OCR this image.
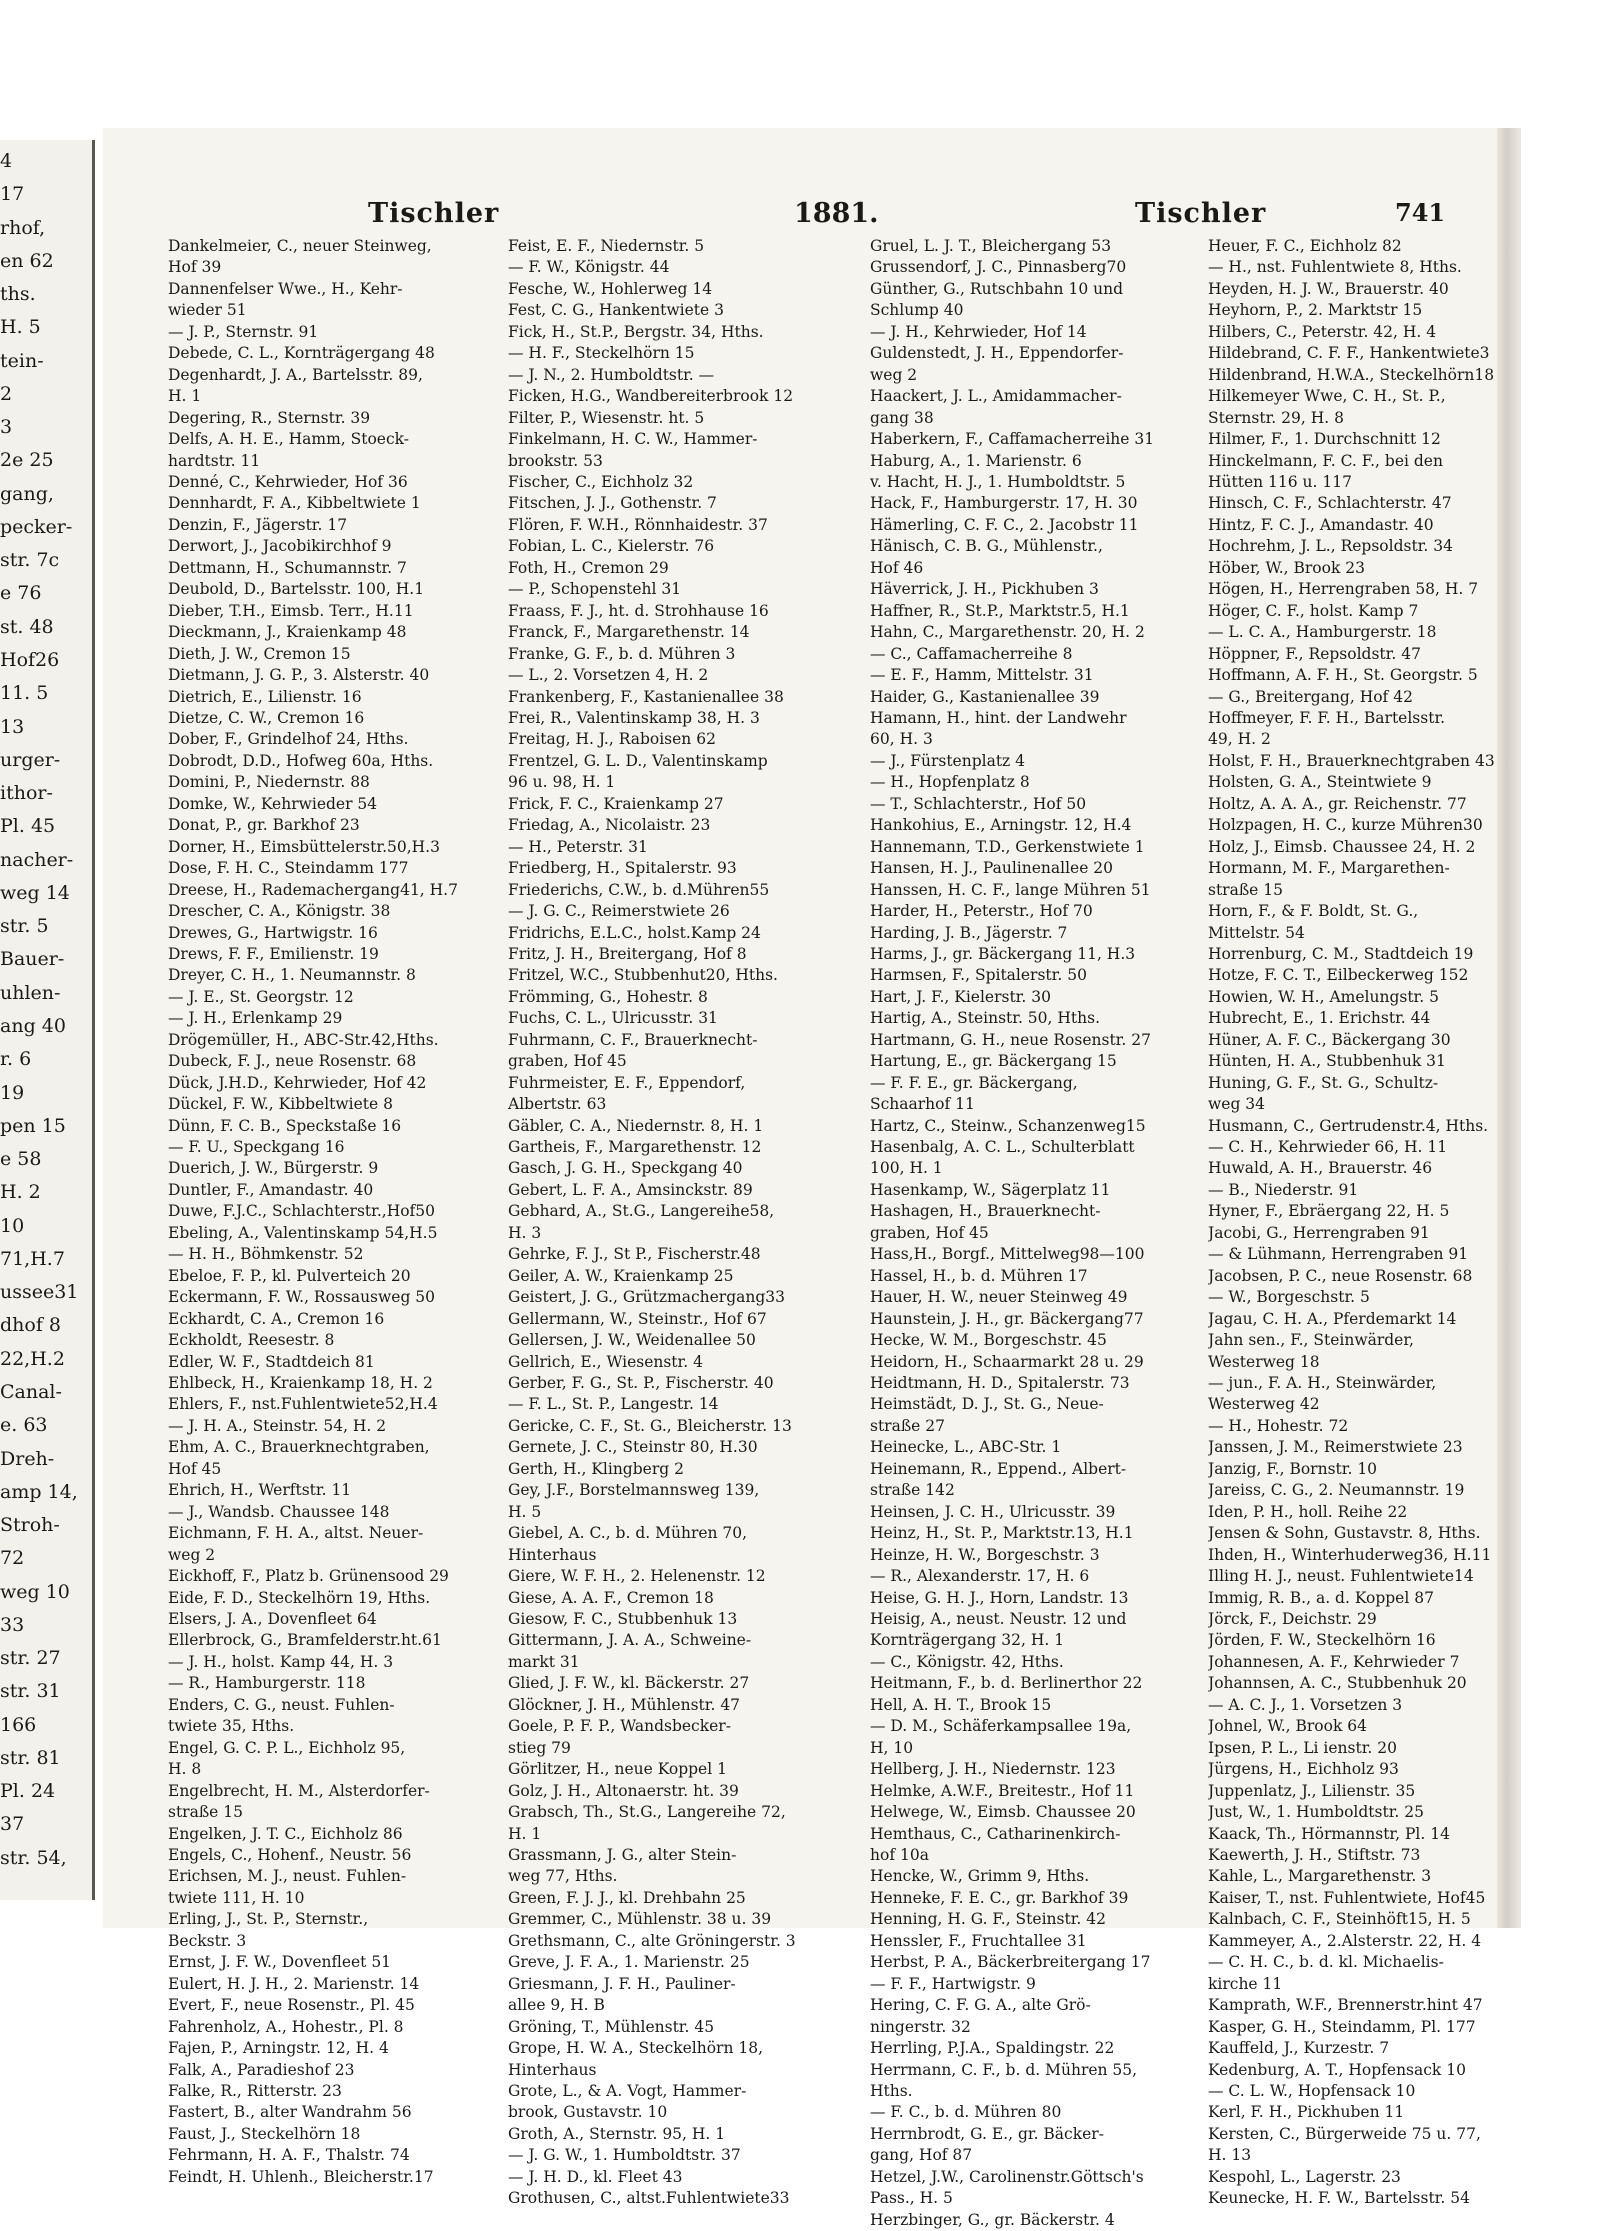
4
17
rhof,
en 62
ths.
H. 5
tein-
2
3
2e 25
gang,
pecker-
str. 7c
e 76
st. 48
Hof26
11. 5
13
urger-
ithor-
Pl. 45
nacher-
weg 14
str. 5
Bauer-
uhlen-
ang 40
r. 6
19
pen 15
e 58
H. 2
10
71,H.7
ussee31
dhof 8
22,H.2
Canal-
e. 63
Dreh-
amp 14,
Stroh-
72
weg 10
33
str. 27
str. 31
166
str. 81
Pl. 24
37
str. 54,
Tischler	1881.	Tischler	741
Dankelmeier, C., neuer Steinweg,
Hof 39
Dannenfelser Wwe., H., Kehr-
wieder 51
— J. P., Sternstr. 91
Debede, C. L., Kornträgergang 48
Degenhardt, J. A., Bartelsstr. 89,
H. 1
Degering, R., Sternstr. 39
Delfs, A. H. E., Hamm, Stoeck-
hardtstr. 11
Denné, C., Kehrwieder, Hof 36
Dennhardt, F. A., Kibbeltwiete 1
Denzin, F., Jägerstr. 17
Derwort, J., Jacobikirchhof 9
Dettmann, H., Schumannstr. 7
Deubold, D., Bartelsstr. 100, H.1
Dieber, T.H., Eimsb. Terr., H.11
Dieckmann, J., Kraienkamp 48
Dieth, J. W., Cremon 15
Dietmann, J. G. P., 3. Alsterstr. 40
Dietrich, E., Lilienstr. 16
Dietze, C. W., Cremon 16
Dober, F., Grindelhof 24, Hths.
Dobrodt, D.D., Hofweg 60a, Hths.
Domini, P., Niedernstr. 88
Domke, W., Kehrwieder 54
Donat, P., gr. Barkhof 23
Dorner, H., Eimsbüttelerstr.50,H.3
Dose, F. H. C., Steindamm 177
Dreese, H., Rademachergang41, H.7
Drescher, C. A., Königstr. 38
Drewes, G., Hartwigstr. 16
Drews, F. F., Emilienstr. 19
Dreyer, C. H., 1. Neumannstr. 8
— J. E., St. Georgstr. 12
— J. H., Erlenkamp 29
Drögemüller, H., ABC-Str.42,Hths.
Dubeck, F. J., neue Rosenstr. 68
Dück, J.H.D., Kehrwieder, Hof 42
Dückel, F. W., Kibbeltwiete 8
Dünn, F. C. B., Speckstaße 16
— F. U., Speckgang 16
Duerich, J. W., Bürgerstr. 9
Duntler, F., Amandastr. 40
Duwe, F.J.C., Schlachterstr.,Hof50
Ebeling, A., Valentinskamp 54,H.5
— H. H., Böhmkenstr. 52
Ebeloe, F. P., kl. Pulverteich 20
Eckermann, F. W., Rossausweg 50
Eckhardt, C. A., Cremon 16
Eckholdt, Reesestr. 8
Edler, W. F., Stadtdeich 81
Ehlbeck, H., Kraienkamp 18, H. 2
Ehlers, F., nst.Fuhlentwiete52,H.4
— J. H. A., Steinstr. 54, H. 2
Ehm, A. C., Brauerknechtgraben,
Hof 45
Ehrich, H., Werftstr. 11
— J., Wandsb. Chaussee 148
Eichmann, F. H. A., altst. Neuer-
weg 2
Eickhoff, F., Platz b. Grünensood 29
Eide, F. D., Steckelhörn 19, Hths.
Elsers, J. A., Dovenfleet 64
Ellerbrock, G., Bramfelderstr.ht.61
— J. H., holst. Kamp 44, H. 3
— R., Hamburgerstr. 118
Enders, C. G., neust. Fuhlen-
twiete 35, Hths.
Engel, G. C. P. L., Eichholz 95,
H. 8
Engelbrecht, H. M., Alsterdorfer-
straße 15
Engelken, J. T. C., Eichholz 86
Engels, C., Hohenf., Neustr. 56
Erichsen, M. J., neust. Fuhlen-
twiete 111, H. 10
Erling, J., St. P., Sternstr.,
Beckstr. 3
Ernst, J. F. W., Dovenfleet 51
Eulert, H. J. H., 2. Marienstr. 14
Evert, F., neue Rosenstr., Pl. 45
Fahrenholz, A., Hohestr., Pl. 8
Fajen, P., Arningstr. 12, H. 4
Falk, A., Paradieshof 23
Falke, R., Ritterstr. 23
Fastert, B., alter Wandrahm 56
Faust, J., Steckelhörn 18
Fehrmann, H. A. F., Thalstr. 74
Feindt, H. Uhlenh., Bleicherstr.17
Feist, E. F., Niedernstr. 5
— F. W., Königstr. 44
Fesche, W., Hohlerweg 14
Fest, C. G., Hankentwiete 3
Fick, H., St.P., Bergstr. 34, Hths.
— H. F., Steckelhörn 15
— J. N., 2. Humboldtstr. —
Ficken, H.G., Wandbereiterbrook 12
Filter, P., Wiesenstr. ht. 5
Finkelmann, H. C. W., Hammer-
brookstr. 53
Fischer, C., Eichholz 32
Fitschen, J. J., Gothenstr. 7
Flören, F. W.H., Rönnhaidestr. 37
Fobian, L. C., Kielerstr. 76
Foth, H., Cremon 29
— P., Schopenstehl 31
Fraass, F. J., ht. d. Strohhause 16
Franck, F., Margarethenstr. 14
Franke, G. F., b. d. Mühren 3
— L., 2. Vorsetzen 4, H. 2
Frankenberg, F., Kastanienallee 38
Frei, R., Valentinskamp 38, H. 3
Freitag, H. J., Raboisen 62
Frentzel, G. L. D., Valentinskamp
96 u. 98, H. 1
Frick, F. C., Kraienkamp 27
Friedag, A., Nicolaistr. 23
— H., Peterstr. 31
Friedberg, H., Spitalerstr. 93
Friederichs, C.W., b. d.Mühren55
— J. G. C., Reimerstwiete 26
Fridrichs, E.L.C., holst.Kamp 24
Fritz, J. H., Breitergang, Hof 8
Fritzel, W.C., Stubbenhut20, Hths.
Frömming, G., Hohestr. 8
Fuchs, C. L., Ulricusstr. 31
Fuhrmann, C. F., Brauerknecht-
graben, Hof 45
Fuhrmeister, E. F., Eppendorf,
Albertstr. 63
Gäbler, C. A., Niedernstr. 8, H. 1
Gartheis, F., Margarethenstr. 12
Gasch, J. G. H., Speckgang 40
Gebert, L. F. A., Amsinckstr. 89
Gebhard, A., St.G., Langereihe58,
H. 3
Gehrke, F. J., St P., Fischerstr.48
Geiler, A. W., Kraienkamp 25
Geistert, J. G., Grützmachergang33
Gellermann, W., Steinstr., Hof 67
Gellersen, J. W., Weidenallee 50
Gellrich, E., Wiesenstr. 4
Gerber, F. G., St. P., Fischerstr. 40
— F. L., St. P., Langestr. 14
Gericke, C. F., St. G., Bleicherstr. 13
Gernete, J. C., Steinstr 80, H.30
Gerth, H., Klingberg 2
Gey, J.F., Borstelmannsweg 139,
H. 5
Giebel, A. C., b. d. Mühren 70,
Hinterhaus
Giere, W. F. H., 2. Helenenstr. 12
Giese, A. A. F., Cremon 18
Giesow, F. C., Stubbenhuk 13
Gittermann, J. A. A., Schweine-
markt 31
Glied, J. F. W., kl. Bäckerstr. 27
Glöckner, J. H., Mühlenstr. 47
Goele, P. F. P., Wandsbecker-
stieg 79
Görlitzer, H., neue Koppel 1
Golz, J. H., Altonaerstr. ht. 39
Grabsch, Th., St.G., Langereihe 72,
H. 1
Grassmann, J. G., alter Stein-
weg 77, Hths.
Green, F. J. J., kl. Drehbahn 25
Gremmer, C., Mühlenstr. 38 u. 39
Grethsmann, C., alte Gröningerstr. 3
Greve, J. F. A., 1. Marienstr. 25
Griesmann, J. F. H., Pauliner-
allee 9, H. B
Gröning, T., Mühlenstr. 45
Grope, H. W. A., Steckelhörn 18,
Hinterhaus
Grote, L., & A. Vogt, Hammer-
brook, Gustavstr. 10
Groth, A., Sternstr. 95, H. 1
— J. G. W., 1. Humboldtstr. 37
— J. H. D., kl. Fleet 43
Grothusen, C., altst.Fuhlentwiete33
Gruel, L. J. T., Bleichergang 53
Grussendorf, J. C., Pinnasberg70
Günther, G., Rutschbahn 10 und
Schlump 40
— J. H., Kehrwieder, Hof 14
Guldenstedt, J. H., Eppendorfer-
weg 2
Haackert, J. L., Amidammacher-
gang 38
Haberkern, F., Caffamacherreihe 31
Haburg, A., 1. Marienstr. 6
v. Hacht, H. J., 1. Humboldtstr. 5
Hack, F., Hamburgerstr. 17, H. 30
Hämerling, C. F. C., 2. Jacobstr 11
Hänisch, C. B. G., Mühlenstr.,
Hof 46
Häverrick, J. H., Pickhuben 3
Haffner, R., St.P., Marktstr.5, H.1
Hahn, C., Margarethenstr. 20, H. 2
— C., Caffamacherreihe 8
— E. F., Hamm, Mittelstr. 31
Haider, G., Kastanienallee 39
Hamann, H., hint. der Landwehr
60, H. 3
— J., Fürstenplatz 4
— H., Hopfenplatz 8
— T., Schlachterstr., Hof 50
Hankohius, E., Arningstr. 12, H.4
Hannemann, T.D., Gerkenstwiete 1
Hansen, H. J., Paulinenallee 20
Hanssen, H. C. F., lange Mühren 51
Harder, H., Peterstr., Hof 70
Harding, J. B., Jägerstr. 7
Harms, J., gr. Bäckergang 11, H.3
Harmsen, F., Spitalerstr. 50
Hart, J. F., Kielerstr. 30
Hartig, A., Steinstr. 50, Hths.
Hartmann, G. H., neue Rosenstr. 27
Hartung, E., gr. Bäckergang 15
— F. F. E., gr. Bäckergang,
Schaarhof 11
Hartz, C., Steinw., Schanzenweg15
Hasenbalg, A. C. L., Schulterblatt
100, H. 1
Hasenkamp, W., Sägerplatz 11
Hashagen, H., Brauerknecht-
graben, Hof 45
Hass,H., Borgf., Mittelweg98—100
Hassel, H., b. d. Mühren 17
Hauer, H. W., neuer Steinweg 49
Haunstein, J. H., gr. Bäckergang77
Hecke, W. M., Borgeschstr. 45
Heidorn, H., Schaarmarkt 28 u. 29
Heidtmann, H. D., Spitalerstr. 73
Heimstädt, D. J., St. G., Neue-
straße 27
Heinecke, L., ABC-Str. 1
Heinemann, R., Eppend., Albert-
straße 142
Heinsen, J. C. H., Ulricusstr. 39
Heinz, H., St. P., Marktstr.13, H.1
Heinze, H. W., Borgeschstr. 3
— R., Alexanderstr. 17, H. 6
Heise, G. H. J., Horn, Landstr. 13
Heisig, A., neust. Neustr. 12 und
Kornträgergang 32, H. 1
— C., Königstr. 42, Hths.
Heitmann, F., b. d. Berlinerthor 22
Hell, A. H. T., Brook 15
— D. M., Schäferkampsallee 19a,
H, 10
Hellberg, J. H., Niedernstr. 123
Helmke, A.W.F., Breitestr., Hof 11
Helwege, W., Eimsb. Chaussee 20
Hemthaus, C., Catharinenkirch-
hof 10a
Hencke, W., Grimm 9, Hths.
Henneke, F. E. C., gr. Barkhof 39
Henning, H. G. F., Steinstr. 42
Henssler, F., Fruchtallee 31
Herbst, P. A., Bäckerbreitergang 17
— F. F., Hartwigstr. 9
Hering, C. F. G. A., alte Grö-
ningerstr. 32
Herrling, P.J.A., Spaldingstr. 22
Herrmann, C. F., b. d. Mühren 55,
Hths.
— F. C., b. d. Mühren 80
Herrnbrodt, G. E., gr. Bäcker-
gang, Hof 87
Hetzel, J.W., Carolinenstr.Göttsch's
Pass., H. 5
Herzbinger, G., gr. Bäckerstr. 4
Heuer, F. C., Eichholz 82
— H., nst. Fuhlentwiete 8, Hths.
Heyden, H. J. W., Brauerstr. 40
Heyhorn, P., 2. Marktstr 15
Hilbers, C., Peterstr. 42, H. 4
Hildebrand, C. F. F., Hankentwiete3
Hildenbrand, H.W.A., Steckelhörn18
Hilkemeyer Wwe, C. H., St. P.,
Sternstr. 29, H. 8
Hilmer, F., 1. Durchschnitt 12
Hinckelmann, F. C. F., bei den
Hütten 116 u. 117
Hinsch, C. F., Schlachterstr. 47
Hintz, F. C. J., Amandastr. 40
Hochrehm, J. L., Repsoldstr. 34
Höber, W., Brook 23
Högen, H., Herrengraben 58, H. 7
Höger, C. F., holst. Kamp 7
— L. C. A., Hamburgerstr. 18
Höppner, F., Repsoldstr. 47
Hoffmann, A. F. H., St. Georgstr. 5
— G., Breitergang, Hof 42
Hoffmeyer, F. F. H., Bartelsstr.
49, H. 2
Holst, F. H., Brauerknechtgraben 43
Holsten, G. A., Steintwiete 9
Holtz, A. A. A., gr. Reichenstr. 77
Holzpagen, H. C., kurze Mühren30
Holz, J., Eimsb. Chaussee 24, H. 2
Hormann, M. F., Margarethen-
straße 15
Horn, F., & F. Boldt, St. G.,
Mittelstr. 54
Horrenburg, C. M., Stadtdeich 19
Hotze, F. C. T., Eilbeckerweg 152
Howien, W. H., Amelungstr. 5
Hubrecht, E., 1. Erichstr. 44
Hüner, A. F. C., Bäckergang 30
Hünten, H. A., Stubbenhuk 31
Huning, G. F., St. G., Schultz-
weg 34
Husmann, C., Gertrudenstr.4, Hths.
— C. H., Kehrwieder 66, H. 11
Huwald, A. H., Brauerstr. 46
— B., Niederstr. 91
Hyner, F., Ebräergang 22, H. 5
Jacobi, G., Herrengraben 91
— & Lühmann, Herrengraben 91
Jacobsen, P. C., neue Rosenstr. 68
— W., Borgeschstr. 5
Jagau, C. H. A., Pferdemarkt 14
Jahn sen., F., Steinwärder,
Westerweg 18
— jun., F. A. H., Steinwärder,
Westerweg 42
— H., Hohestr. 72
Janssen, J. M., Reimerstwiete 23
Janzig, F., Bornstr. 10
Jareiss, C. G., 2. Neumannstr. 19
Iden, P. H., holl. Reihe 22
Jensen & Sohn, Gustavstr. 8, Hths.
Ihden, H., Winterhuderweg36, H.11
Illing H. J., neust. Fuhlentwiete14
Immig, R. B., a. d. Koppel 87
Jörck, F., Deichstr. 29
Jörden, F. W., Steckelhörn 16
Johannesen, A. F., Kehrwieder 7
Johannsen, A. C., Stubbenhuk 20
— A. C. J., 1. Vorsetzen 3
Johnel, W., Brook 64
Ipsen, P. L., Li ienstr. 20
Jürgens, H., Eichholz 93
Juppenlatz, J., Lilienstr. 35
Just, W., 1. Humboldtstr. 25
Kaack, Th., Hörmannstr, Pl. 14
Kaewerth, J. H., Stiftstr. 73
Kahle, L., Margarethenstr. 3
Kaiser, T., nst. Fuhlentwiete, Hof45
Kalnbach, C. F., Steinhöft15, H. 5
Kammeyer, A., 2.Alsterstr. 22, H. 4
— C. H. C., b. d. kl. Michaelis-
kirche 11
Kamprath, W.F., Brennerstr.hint 47
Kasper, G. H., Steindamm, Pl. 177
Kauffeld, J., Kurzestr. 7
Kedenburg, A. T., Hopfensack 10
— C. L. W., Hopfensack 10
Kerl, F. H., Pickhuben 11
Kersten, C., Bürgerweide 75 u. 77,
H. 13
Kespohl, L., Lagerstr. 23
Keunecke, H. F. W., Bartelsstr. 54
